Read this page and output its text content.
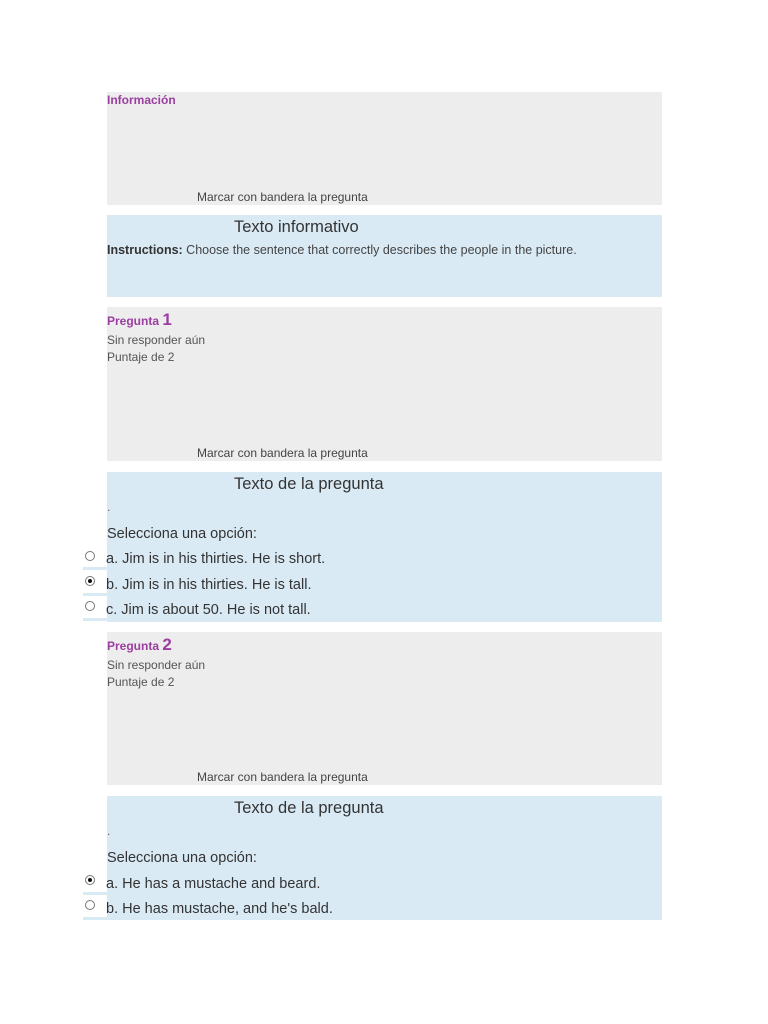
Información
Marcar con bandera la pregunta
Texto informativo
Instructions: Choose the sentence that correctly describes the people in the picture.
Pregunta 1
Sin responder aún
Puntaje de 2
Marcar con bandera la pregunta
Texto de la pregunta
.
Selecciona una opción:
a. Jim is in his thirties. He is short.
b. Jim is in his thirties. He is tall.
c. Jim is about 50. He is not tall.
Pregunta 2
Sin responder aún
Puntaje de 2
Marcar con bandera la pregunta
Texto de la pregunta
.
Selecciona una opción:
a. He has a mustache and beard.
b. He has mustache, and he's bald.
